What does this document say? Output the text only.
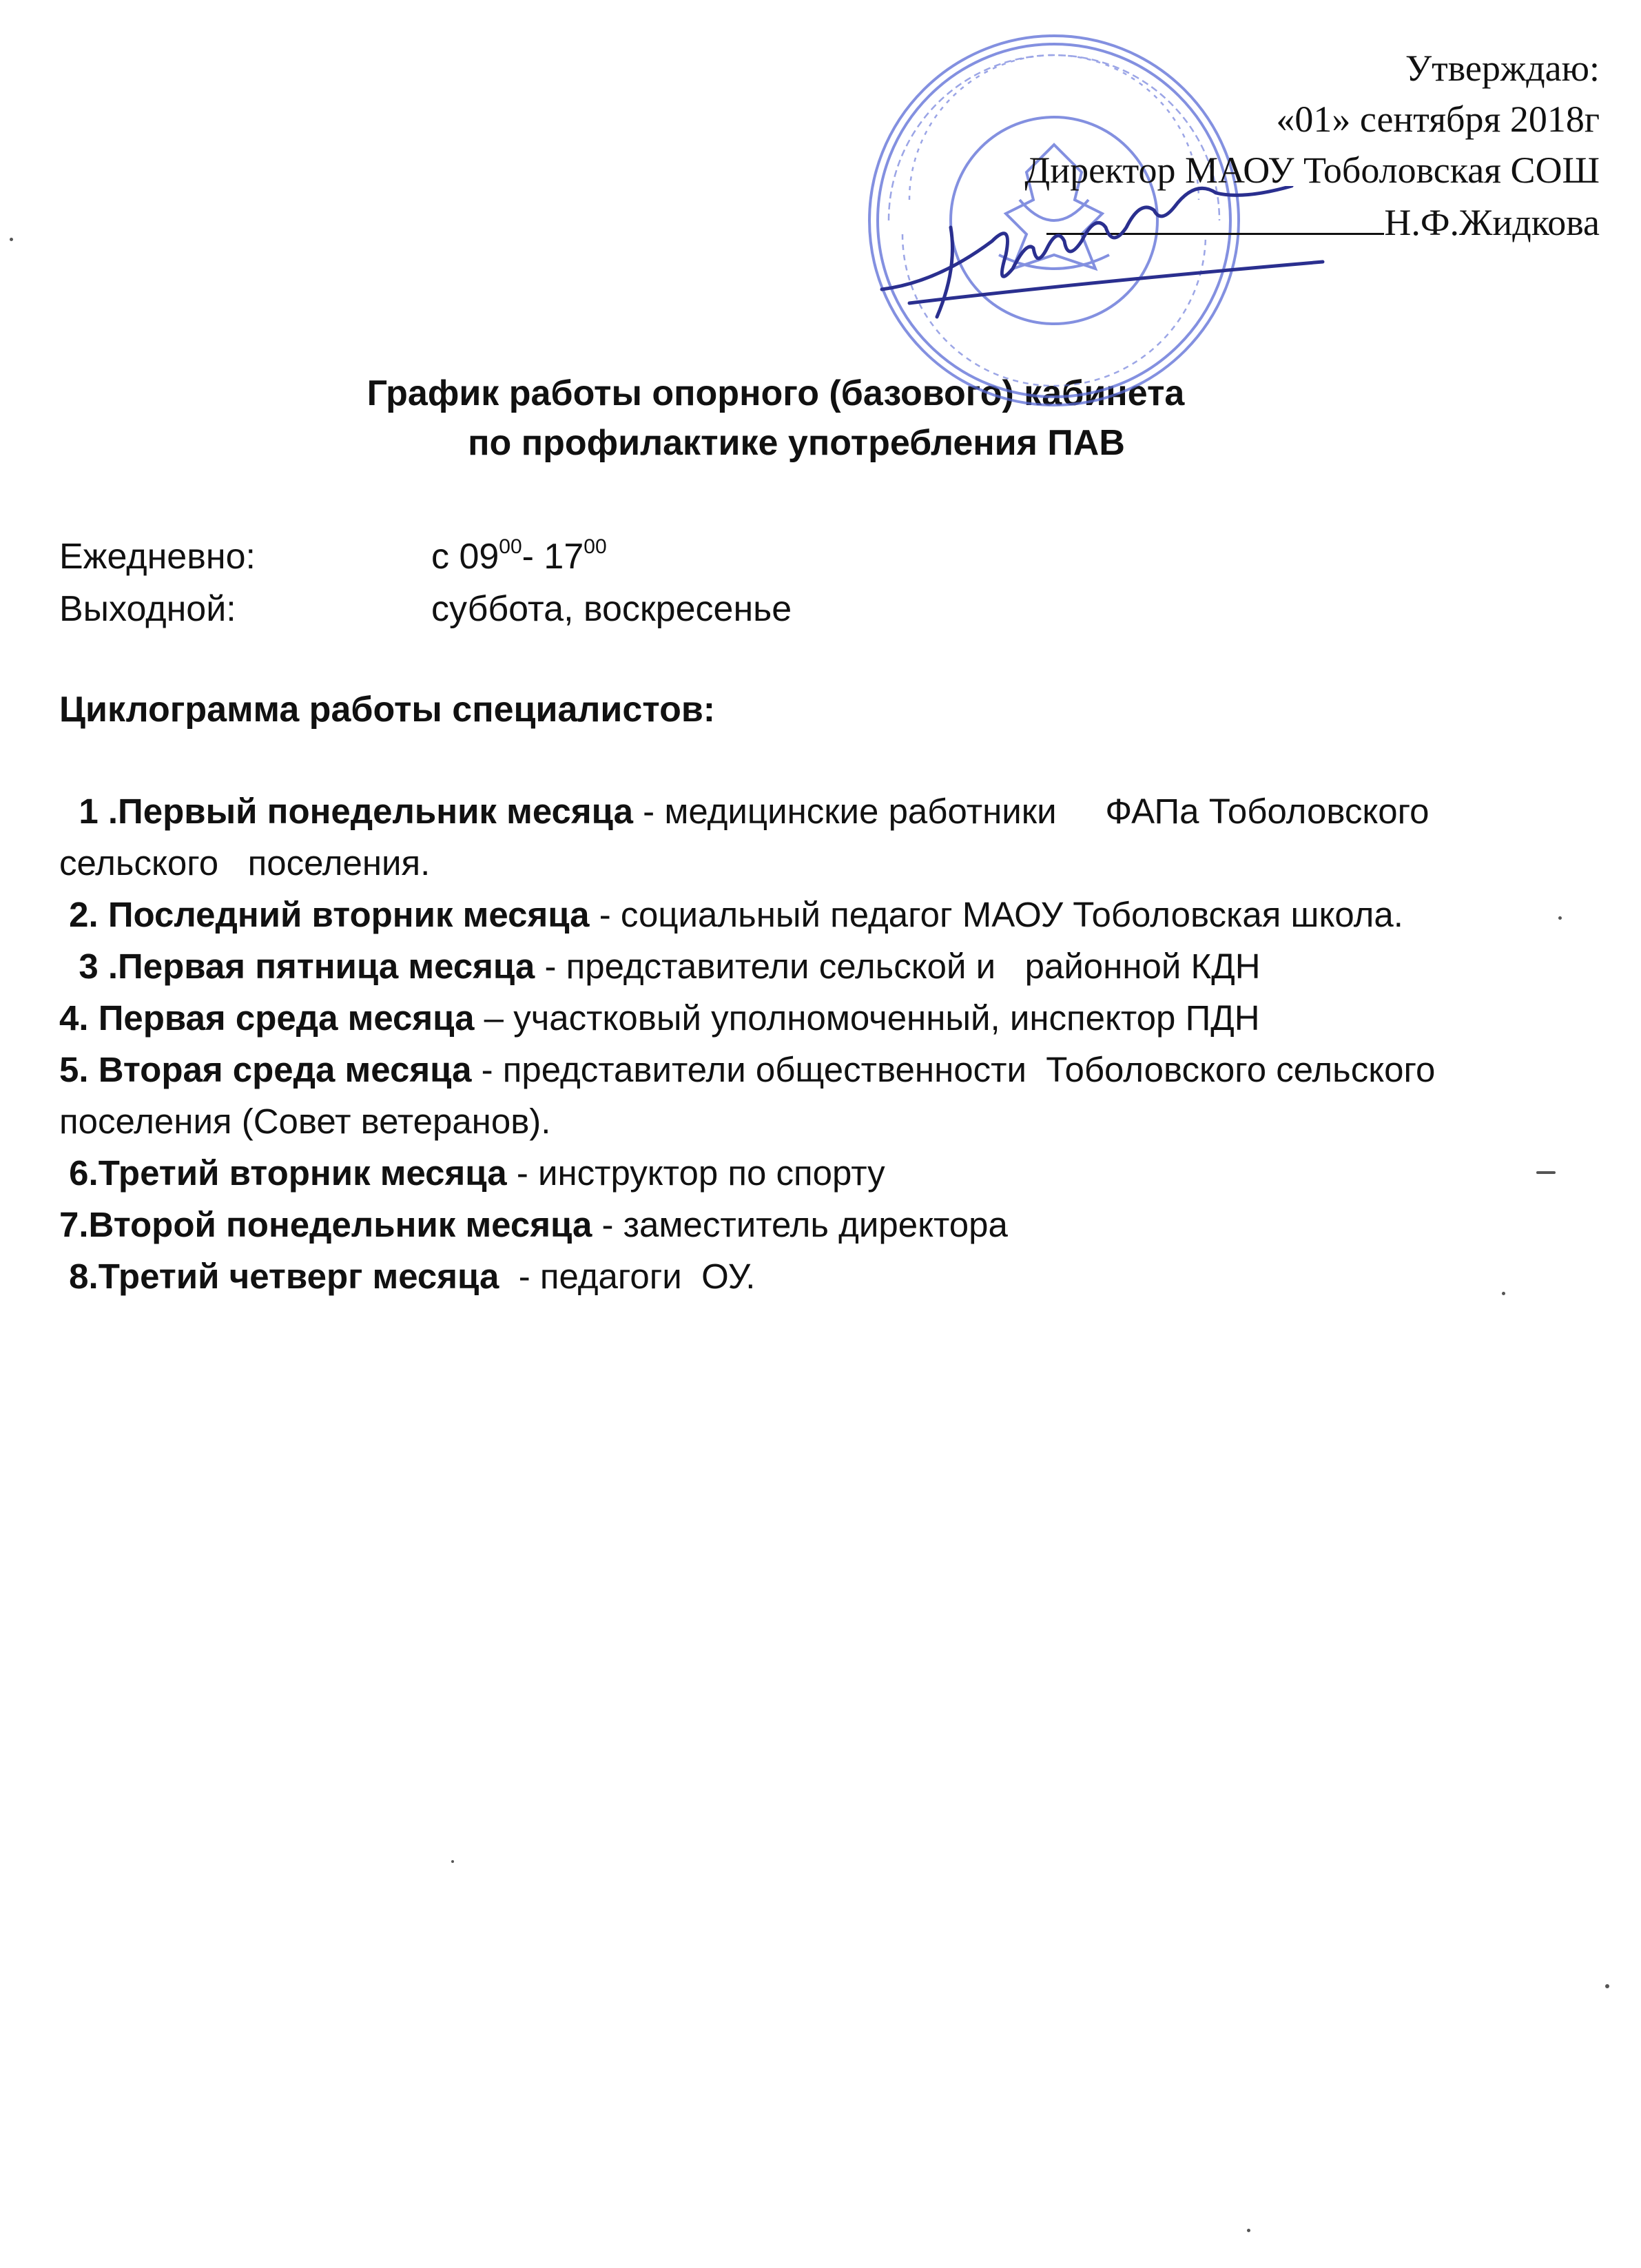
Утверждаю:
«01» сентября 2018г
Директор МАОУ Тоболовская СОШ
Н.Ф.Жидкова
График работы опорного (базового) кабинета
по профилактике употребления ПАВ
Ежедневно:	с $09^{00}-$ $17^{00}$
Выходной:	суббота, воскресенье
Циклограмма работы специалистов:
1 .Первый понедельник месяца - медицинские работники     ФАПа Тоболовского сельского   поселения.
2. Последний вторник месяца - социальный педагог МАОУ Тоболовская школа.
3 .Первая пятница месяца - представители сельской и   районной КДН
4. Первая среда месяца – участковый уполномоченный, инспектор ПДН
5. Вторая среда месяца - представители общественности  Тоболовского сельского поселения (Совет ветеранов).
6.Третий вторник месяца - инструктор по спорту
7.Второй понедельник месяца - заместитель директора
8.Третий четверг месяца  - педагоги  ОУ.
